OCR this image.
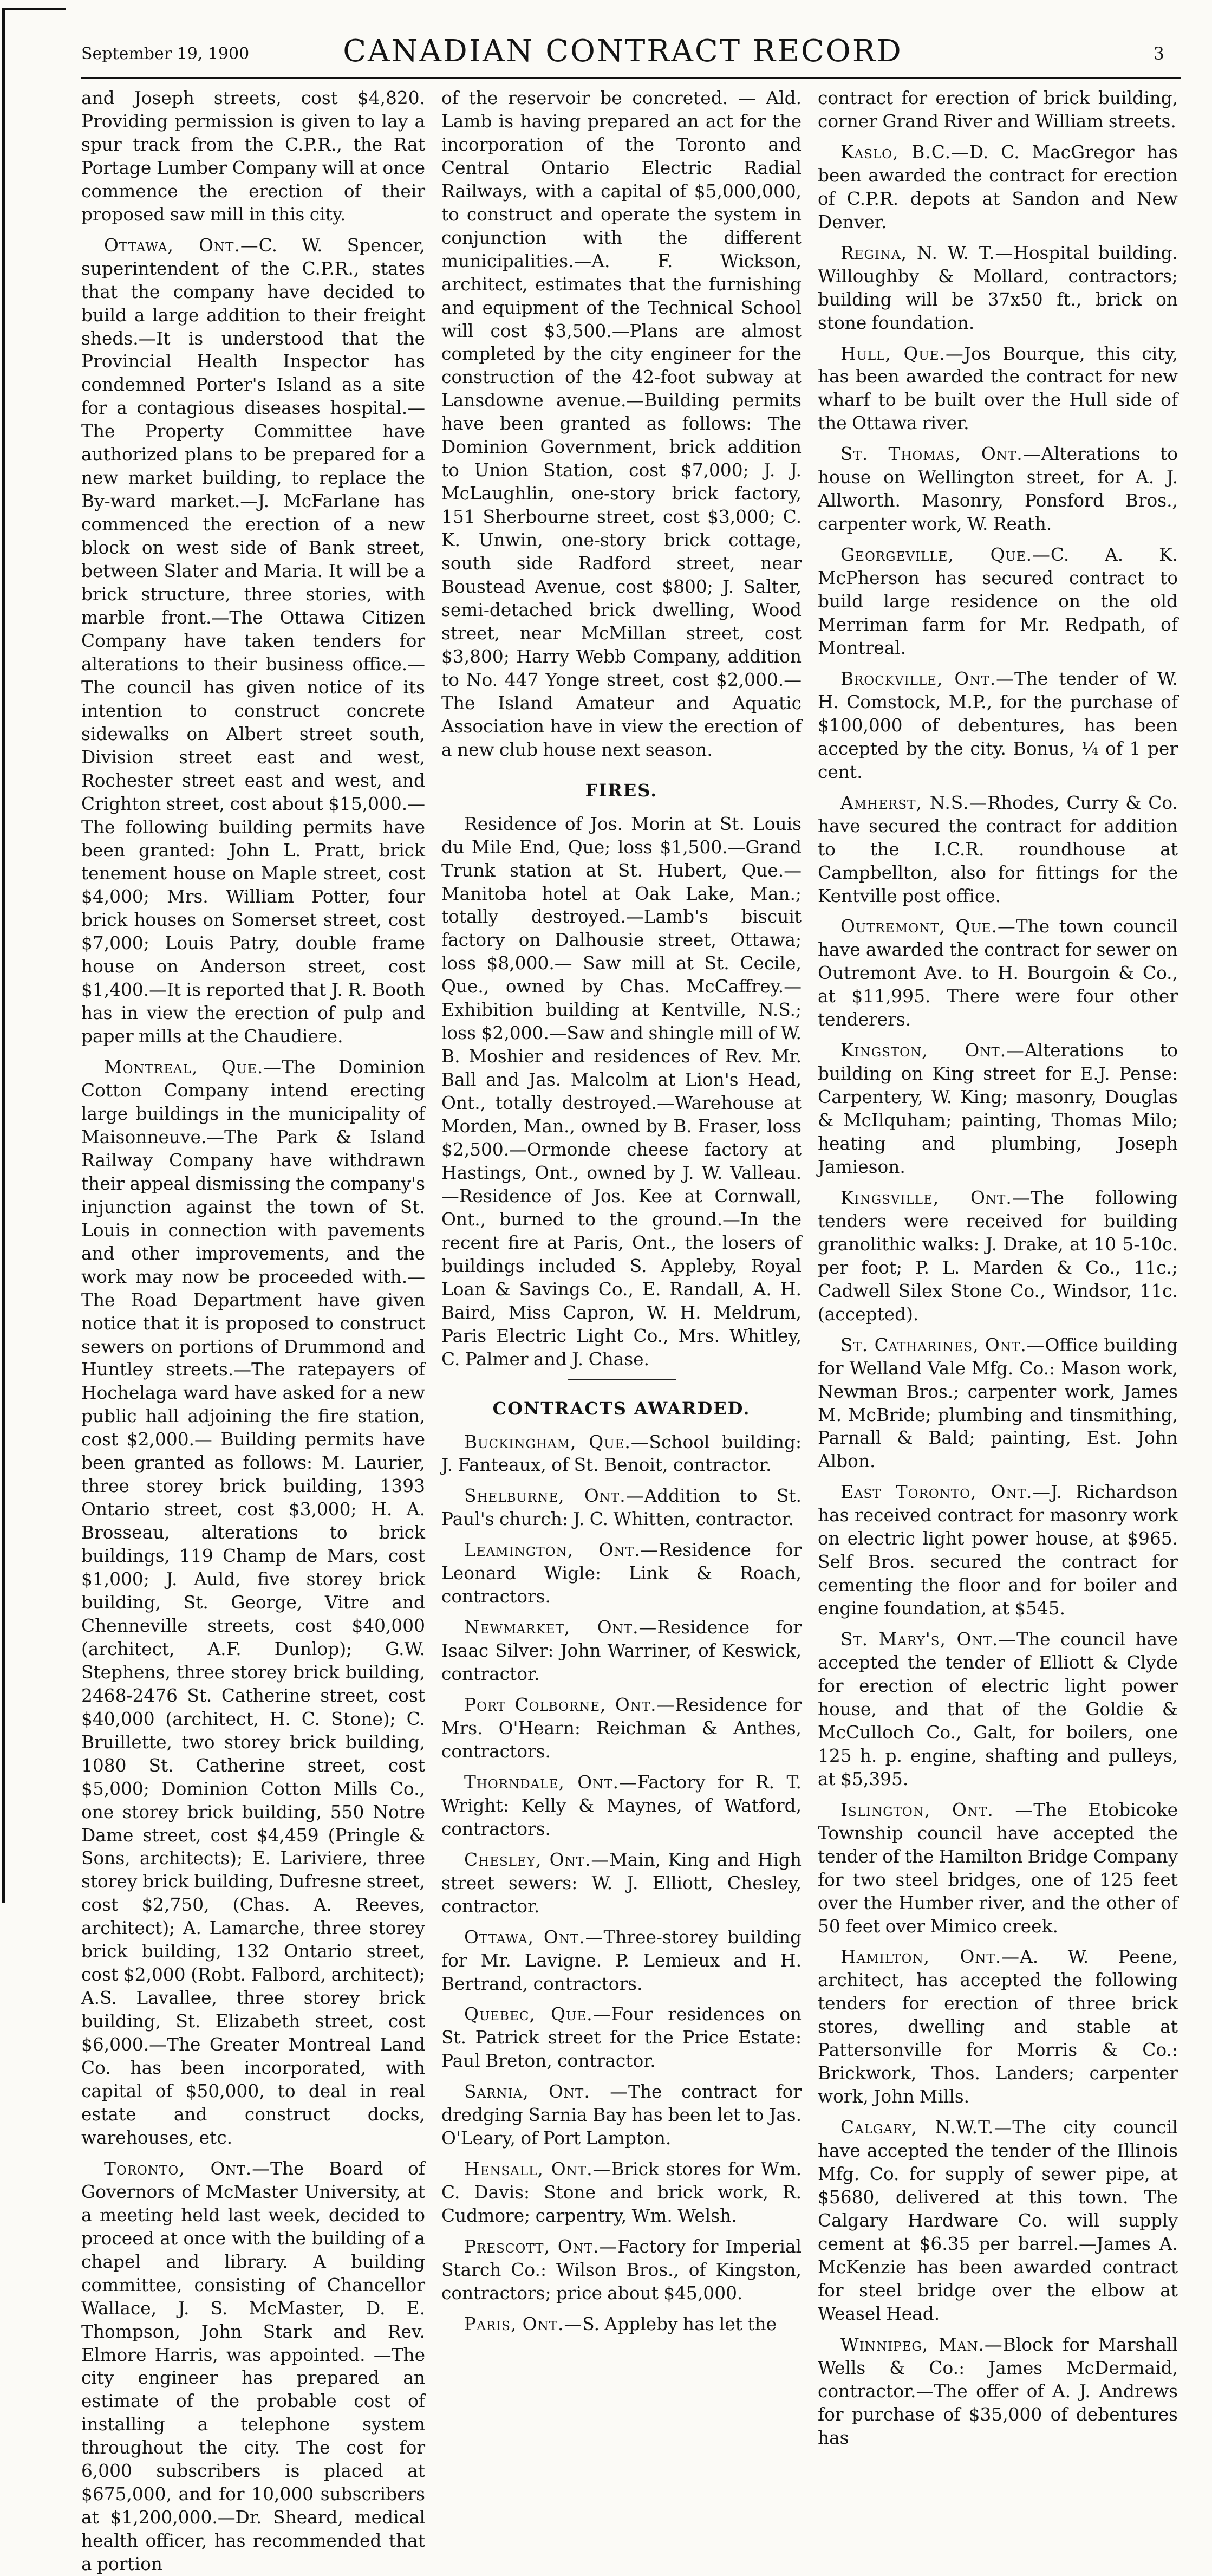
CANADIAN CONTRACT RECORD
September 19, 1900	3

and Joseph streets, cost $4,820. Providing permission is given to lay a spur track from the C.P.R., the Rat Portage Lumber Company will at once commence the erection of their proposed saw mill in this city.

Ottawa, Ont.—C. W. Spencer, superintendent of the C.P.R., states that the company have decided to build a large addition to their freight sheds.—It is understood that the Provincial Health Inspector has condemned Porter's Island as a site for a contagious diseases hospital.—The Property Committee have authorized plans to be prepared for a new market building, to replace the By-ward market.—J. McFarlane has commenced the erection of a new block on west side of Bank street, between Slater and Maria. It will be a brick structure, three stories, with marble front.—The Ottawa Citizen Company have taken tenders for alterations to their business office.—The council has given notice of its intention to construct concrete sidewalks on Albert street south, Division street east and west, Rochester street east and west, and Crighton street, cost about $15,000.—The following building permits have been granted: John L. Pratt, brick tenement house on Maple street, cost $4,000; Mrs. William Potter, four brick houses on Somerset street, cost $7,000; Louis Patry, double frame house on Anderson street, cost $1,400.—It is reported that J. R. Booth has in view the erection of pulp and paper mills at the Chaudiere.

Montreal, Que.—The Dominion Cotton Company intend erecting large buildings in the municipality of Maisonneuve.—The Park & Island Railway Company have withdrawn their appeal dismissing the company's injunction against the town of St. Louis in connection with pavements and other improvements, and the work may now be proceeded with.—The Road Department have given notice that it is proposed to construct sewers on portions of Drummond and Huntley streets.—The ratepayers of Hochelaga ward have asked for a new public hall adjoining the fire station, cost $2,000.— Building permits have been granted as follows: M. Laurier, three storey brick building, 1393 Ontario street, cost $3,000; H. A. Brosseau, alterations to brick buildings, 119 Champ de Mars, cost $1,000; J. Auld, five storey brick building, St. George, Vitre and Chenneville streets, cost $40,000 (architect, A.F. Dunlop); G.W. Stephens, three storey brick building, 2468-2476 St. Catherine street, cost $40,000 (architect, H. C. Stone); C. Bruillette, two storey brick building, 1080 St. Catherine street, cost $5,000; Dominion Cotton Mills Co., one storey brick building, 550 Notre Dame street, cost $4,459 (Pringle & Sons, architects); E. Lariviere, three storey brick building, Dufresne street, cost $2,750, (Chas. A. Reeves, architect); A. Lamarche, three storey brick building, 132 Ontario street, cost $2,000 (Robt. Falbord, architect); A.S. Lavallee, three storey brick building, St. Elizabeth street, cost $6,000.—The Greater Montreal Land Co. has been incorporated, with capital of $50,000, to deal in real estate and construct docks, warehouses, etc.

Toronto, Ont.—The Board of Governors of McMaster University, at a meeting held last week, decided to proceed at once with the building of a chapel and library. A building committee, consisting of Chancellor Wallace, J. S. McMaster, D. E. Thompson, John Stark and Rev. Elmore Harris, was appointed. —The city engineer has prepared an estimate of the probable cost of installing a telephone system throughout the city. The cost for 6,000 subscribers is placed at $675,000, and for 10,000 subscribers at $1,200,000.—Dr. Sheard, medical health officer, has recommended that a portion

of the reservoir be concreted. — Ald. Lamb is having prepared an act for the incorporation of the Toronto and Central Ontario Electric Radial Railways, with a capital of $5,000,000, to construct and operate the system in conjunction with the different municipalities.—A. F. Wickson, architect, estimates that the furnishing and equipment of the Technical School will cost $3,500.—Plans are almost completed by the city engineer for the construction of the 42-foot subway at Lansdowne avenue.—Building permits have been granted as follows: The Dominion Government, brick addition to Union Station, cost $7,000; J. J. McLaughlin, one-story brick factory, 151 Sherbourne street, cost $3,000; C. K. Unwin, one-story brick cottage, south side Radford street, near Boustead Avenue, cost $800; J. Salter, semi-detached brick dwelling, Wood street, near McMillan street, cost $3,800; Harry Webb Company, addition to No. 447 Yonge street, cost $2,000.—The Island Amateur and Aquatic Association have in view the erection of a new club house next season.

FIRES.

Residence of Jos. Morin at St. Louis du Mile End, Que; loss $1,500.—Grand Trunk station at St. Hubert, Que.—Manitoba hotel at Oak Lake, Man.; totally destroyed.—Lamb's biscuit factory on Dalhousie street, Ottawa; loss $8,000.— Saw mill at St. Cecile, Que., owned by Chas. McCaffrey.—Exhibition building at Kentville, N.S.; loss $2,000.—Saw and shingle mill of W. B. Moshier and residences of Rev. Mr. Ball and Jas. Malcolm at Lion's Head, Ont., totally destroyed.—Warehouse at Morden, Man., owned by B. Fraser, loss $2,500.—Ormonde cheese factory at Hastings, Ont., owned by J. W. Valleau.—Residence of Jos. Kee at Cornwall, Ont., burned to the ground.—In the recent fire at Paris, Ont., the losers of buildings included S. Appleby, Royal Loan & Savings Co., E. Randall, A. H. Baird, Miss Capron, W. H. Meldrum, Paris Electric Light Co., Mrs. Whitley, C. Palmer and J. Chase.

CONTRACTS AWARDED.

Buckingham, Que.—School building: J. Fanteaux, of St. Benoit, contractor.

Shelburne, Ont.—Addition to St. Paul's church: J. C. Whitten, contractor.

Leamington, Ont.—Residence for Leonard Wigle: Link & Roach, contractors.

Newmarket, Ont.—Residence for Isaac Silver: John Warriner, of Keswick, contractor.

Port Colborne, Ont.—Residence for Mrs. O'Hearn: Reichman & Anthes, contractors.

Thorndale, Ont.—Factory for R. T. Wright: Kelly & Maynes, of Watford, contractors.

Chesley, Ont.—Main, King and High street sewers: W. J. Elliott, Chesley, contractor.

Ottawa, Ont.—Three-storey building for Mr. Lavigne. P. Lemieux and H. Bertrand, contractors.

Quebec, Que.—Four residences on St. Patrick street for the Price Estate: Paul Breton, contractor.

Sarnia, Ont. —The contract for dredging Sarnia Bay has been let to Jas. O'Leary, of Port Lampton.

Hensall, Ont.—Brick stores for Wm. C. Davis: Stone and brick work, R. Cudmore; carpentry, Wm. Welsh.

Prescott, Ont.—Factory for Imperial Starch Co.: Wilson Bros., of Kingston, contractors; price about $45,000.

Paris, Ont.—S. Appleby has let the

contract for erection of brick building, corner Grand River and William streets.

Kaslo, B.C.—D. C. MacGregor has been awarded the contract for erection of C.P.R. depots at Sandon and New Denver.

Regina, N. W. T.—Hospital building. Willoughby & Mollard, contractors; building will be 37x50 ft., brick on stone foundation.

Hull, Que.—Jos Bourque, this city, has been awarded the contract for new wharf to be built over the Hull side of the Ottawa river.

St. Thomas, Ont.—Alterations to house on Wellington street, for A. J. Allworth. Masonry, Ponsford Bros., carpenter work, W. Reath.

Georgeville, Que.—C. A. K. McPherson has secured contract to build large residence on the old Merriman farm for Mr. Redpath, of Montreal.

Brockville, Ont.—The tender of W. H. Comstock, M.P., for the purchase of $100,000 of debentures, has been accepted by the city. Bonus, ¼ of 1 per cent.

Amherst, N.S.—Rhodes, Curry & Co. have secured the contract for addition to the I.C.R. roundhouse at Campbellton, also for fittings for the Kentville post office.

Outremont, Que.—The town council have awarded the contract for sewer on Outremont Ave. to H. Bourgoin & Co., at $11,995. There were four other tenderers.

Kingston, Ont.—Alterations to building on King street for E.J. Pense: Carpentery, W. King; masonry, Douglas & McIlquham; painting, Thomas Milo; heating and plumbing, Joseph Jamieson.

Kingsville, Ont.—The following tenders were received for building granolithic walks: J. Drake, at 10 5-10c. per foot; P. L. Marden & Co., 11c.; Cadwell Silex Stone Co., Windsor, 11c. (accepted).

St. Catharines, Ont.—Office building for Welland Vale Mfg. Co.: Mason work, Newman Bros.; carpenter work, James M. McBride; plumbing and tinsmithing, Parnall & Bald; painting, Est. John Albon.

East Toronto, Ont.—J. Richardson has received contract for masonry work on electric light power house, at $965. Self Bros. secured the contract for cementing the floor and for boiler and engine foundation, at $545.

St. Mary's, Ont.—The council have accepted the tender of Elliott & Clyde for erection of electric light power house, and that of the Goldie & McCulloch Co., Galt, for boilers, one 125 h. p. engine, shafting and pulleys, at $5,395.

Islington, Ont. —The Etobicoke Township council have accepted the tender of the Hamilton Bridge Company for two steel bridges, one of 125 feet over the Humber river, and the other of 50 feet over Mimico creek.

Hamilton, Ont.—A. W. Peene, architect, has accepted the following tenders for erection of three brick stores, dwelling and stable at Pattersonville for Morris & Co.: Brickwork, Thos. Landers; carpenter work, John Mills.

Calgary, N.W.T.—The city council have accepted the tender of the Illinois Mfg. Co. for supply of sewer pipe, at $5680, delivered at this town. The Calgary Hardware Co. will supply cement at $6.35 per barrel.—James A. McKenzie has been awarded contract for steel bridge over the elbow at Weasel Head.

Winnipeg, Man.—Block for Marshall Wells & Co.: James McDermaid, contractor.—The offer of A. J. Andrews for purchase of $35,000 of debentures has
